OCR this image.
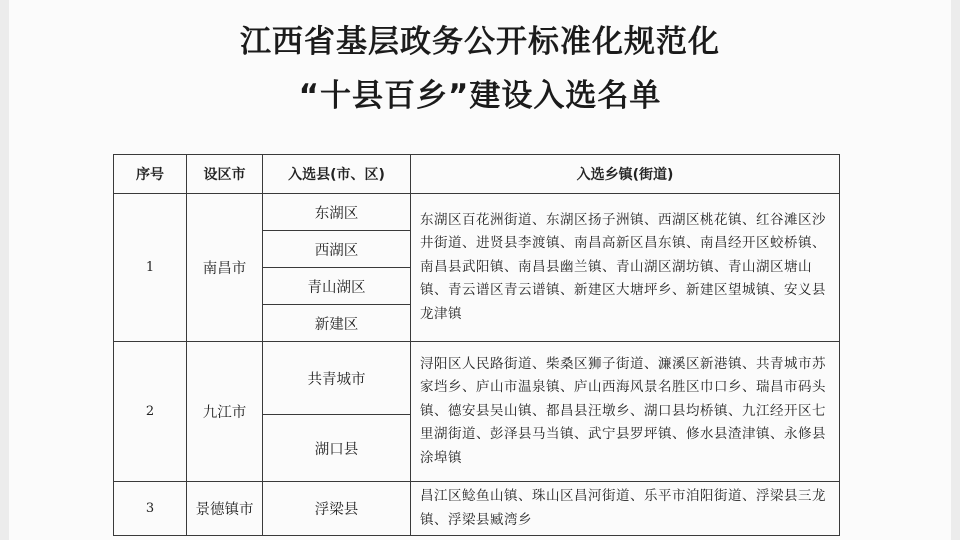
江西省基层政务公开标准化规范化
“十县百乡”建设入选名单
序号	设区市	入选县(市、区)	入选乡镇(街道)
1	南昌市	东湖区	东湖区百花洲街道、东湖区扬子洲镇、西湖区桃花镇、红谷滩区沙井街道、进贤县李渡镇、南昌高新区昌东镇、南昌经开区蛟桥镇、南昌县武阳镇、南昌县幽兰镇、青山湖区湖坊镇、青山湖区塘山镇、青云谱区青云谱镇、新建区大塘坪乡、新建区望城镇、安义县龙津镇
		西湖区	
		青山湖区	
		新建区	
2	九江市	共青城市	浔阳区人民路街道、柴桑区狮子街道、濂溪区新港镇、共青城市苏家垱乡、庐山市温泉镇、庐山西海风景名胜区巾口乡、瑞昌市码头镇、德安县吴山镇、都昌县汪墩乡、湖口县均桥镇、九江经开区七里湖街道、彭泽县马当镇、武宁县罗坪镇、修水县渣津镇、永修县涂埠镇
		湖口县	
3	景德镇市	浮梁县	昌江区鲶鱼山镇、珠山区昌河街道、乐平市洎阳街道、浮梁县三龙镇、浮梁县臧湾乡
